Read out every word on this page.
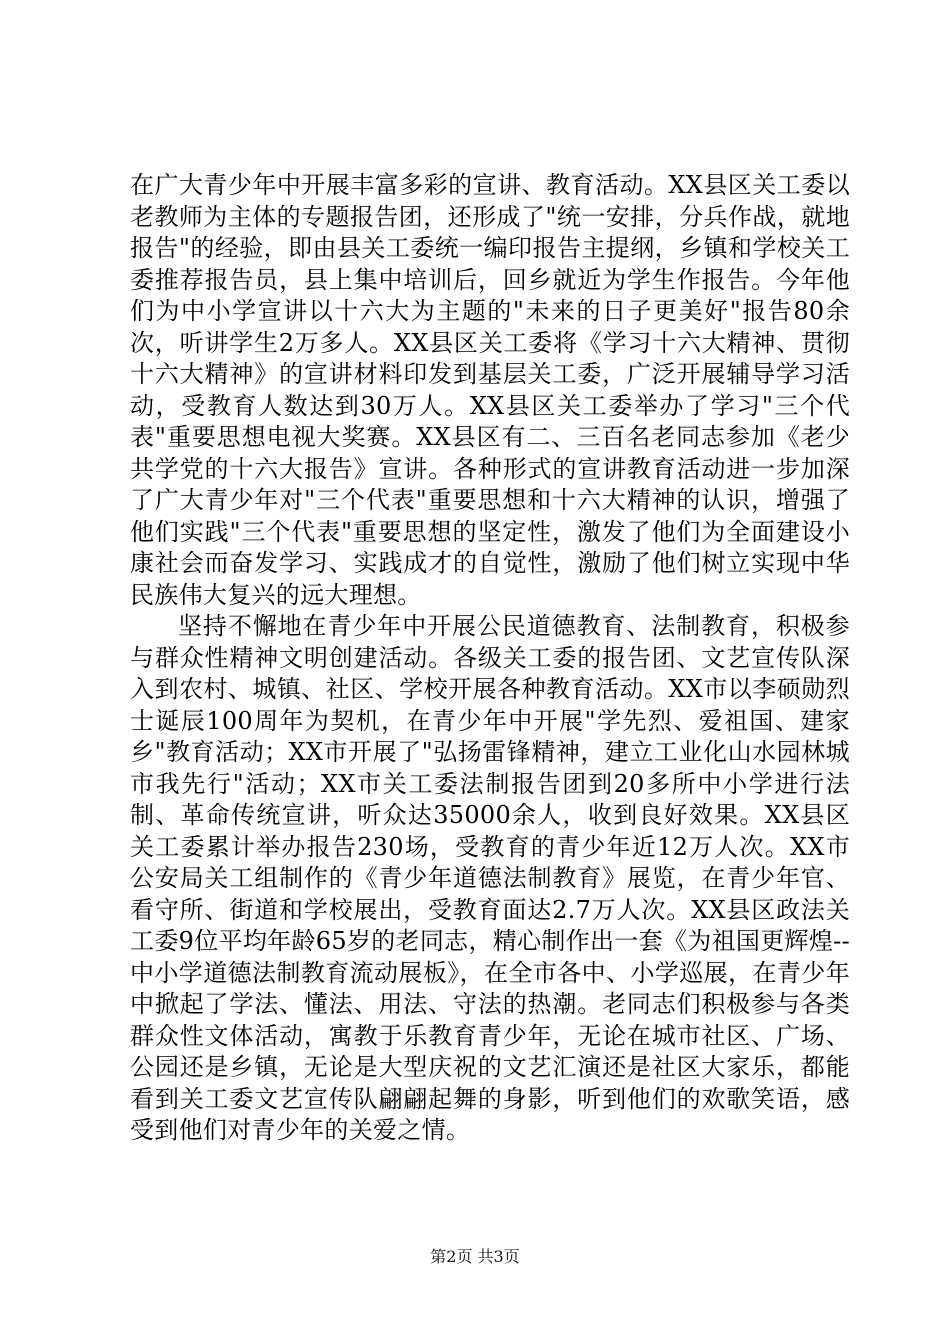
在广大青少年中开展丰富多彩的宣讲、教育活动。XX县区关工委以老教师为主体的专题报告团，还形成了"统一安排，分兵作战，就地报告"的经验，即由县关工委统一编印报告主提纲，乡镇和学校关工委推荐报告员，县上集中培训后，回乡就近为学生作报告。今年他们为中小学宣讲以十六大为主题的"未来的日子更美好"报告80余次，听讲学生2万多人。XX县区关工委将《学习十六大精神、贯彻十六大精神》的宣讲材料印发到基层关工委，广泛开展辅导学习活动，受教育人数达到30万人。XX县区关工委举办了学习"三个代表"重要思想电视大奖赛。XX县区有二、三百名老同志参加《老少共学党的十六大报告》宣讲。各种形式的宣讲教育活动进一步加深了广大青少年对"三个代表"重要思想和十六大精神的认识，增强了他们实践"三个代表"重要思想的坚定性，激发了他们为全面建设小康社会而奋发学习、实践成才的自觉性，激励了他们树立实现中华民族伟大复兴的远大理想。

坚持不懈地在青少年中开展公民道德教育、法制教育，积极参与群众性精神文明创建活动。各级关工委的报告团、文艺宣传队深入到农村、城镇、社区、学校开展各种教育活动。XX市以李硕勋烈士诞辰100周年为契机，在青少年中开展"学先烈、爱祖国、建家乡"教育活动；XX市开展了"弘扬雷锋精神，建立工业化山水园林城市我先行"活动；XX市关工委法制报告团到20多所中小学进行法制、革命传统宣讲，听众达35000余人，收到良好效果。XX县区关工委累计举办报告230场，受教育的青少年近12万人次。XX市公安局关工组制作的《青少年道德法制教育》展览，在青少年官、看守所、街道和学校展出，受教育面达2.7万人次。XX县区政法关工委9位平均年龄65岁的老同志，精心制作出一套《为祖国更辉煌--中小学道德法制教育流动展板》，在全市各中、小学巡展，在青少年中掀起了学法、懂法、用法、守法的热潮。老同志们积极参与各类群众性文体活动，寓教于乐教育青少年，无论在城市社区、广场、公园还是乡镇，无论是大型庆祝的文艺汇演还是社区大家乐，都能看到关工委文艺宣传队翩翩起舞的身影，听到他们的欢歌笑语，感受到他们对青少年的关爱之情。

第2页 共3页
